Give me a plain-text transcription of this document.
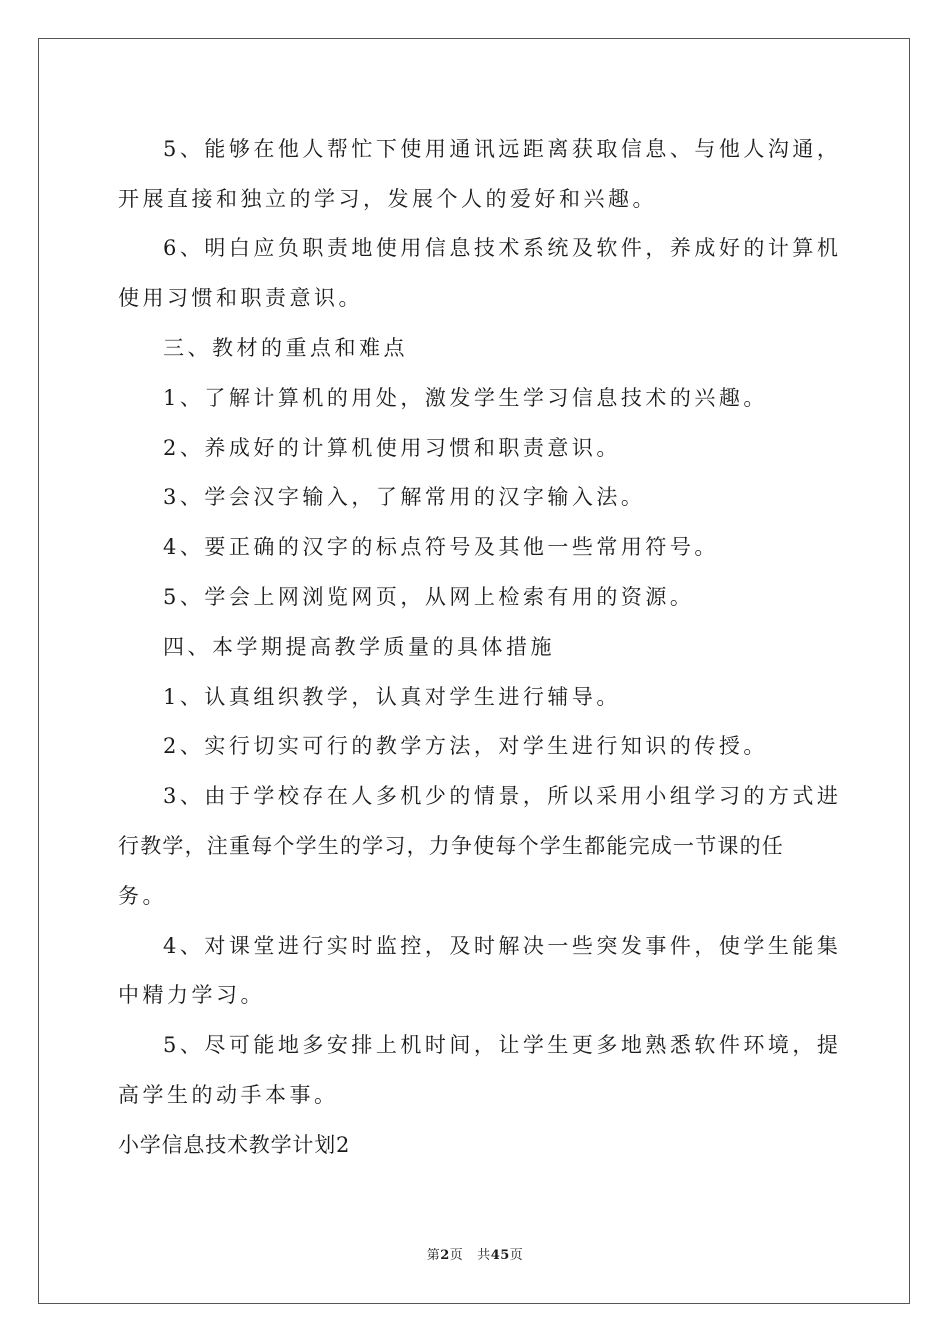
5、能够在他人帮忙下使用通讯远距离获取信息、与他人沟通，
开展直接和独立的学习，发展个人的爱好和兴趣。
6、明白应负职责地使用信息技术系统及软件，养成好的计算机
使用习惯和职责意识。
三、教材的重点和难点
1、了解计算机的用处，激发学生学习信息技术的兴趣。
2、养成好的计算机使用习惯和职责意识。
3、学会汉字输入，了解常用的汉字输入法。
4、要正确的汉字的标点符号及其他一些常用符号。
5、学会上网浏览网页，从网上检索有用的资源。
四、本学期提高教学质量的具体措施
1、认真组织教学，认真对学生进行辅导。
2、实行切实可行的教学方法，对学生进行知识的传授。
3、由于学校存在人多机少的情景，所以采用小组学习的方式进
行教学，注重每个学生的学习，力争使每个学生都能完成一节课的任
务。
4、对课堂进行实时监控，及时解决一些突发事件，使学生能集
中精力学习。
5、尽可能地多安排上机时间，让学生更多地熟悉软件环境，提
高学生的动手本事。
小学信息技术教学计划2
第2页 共45页
